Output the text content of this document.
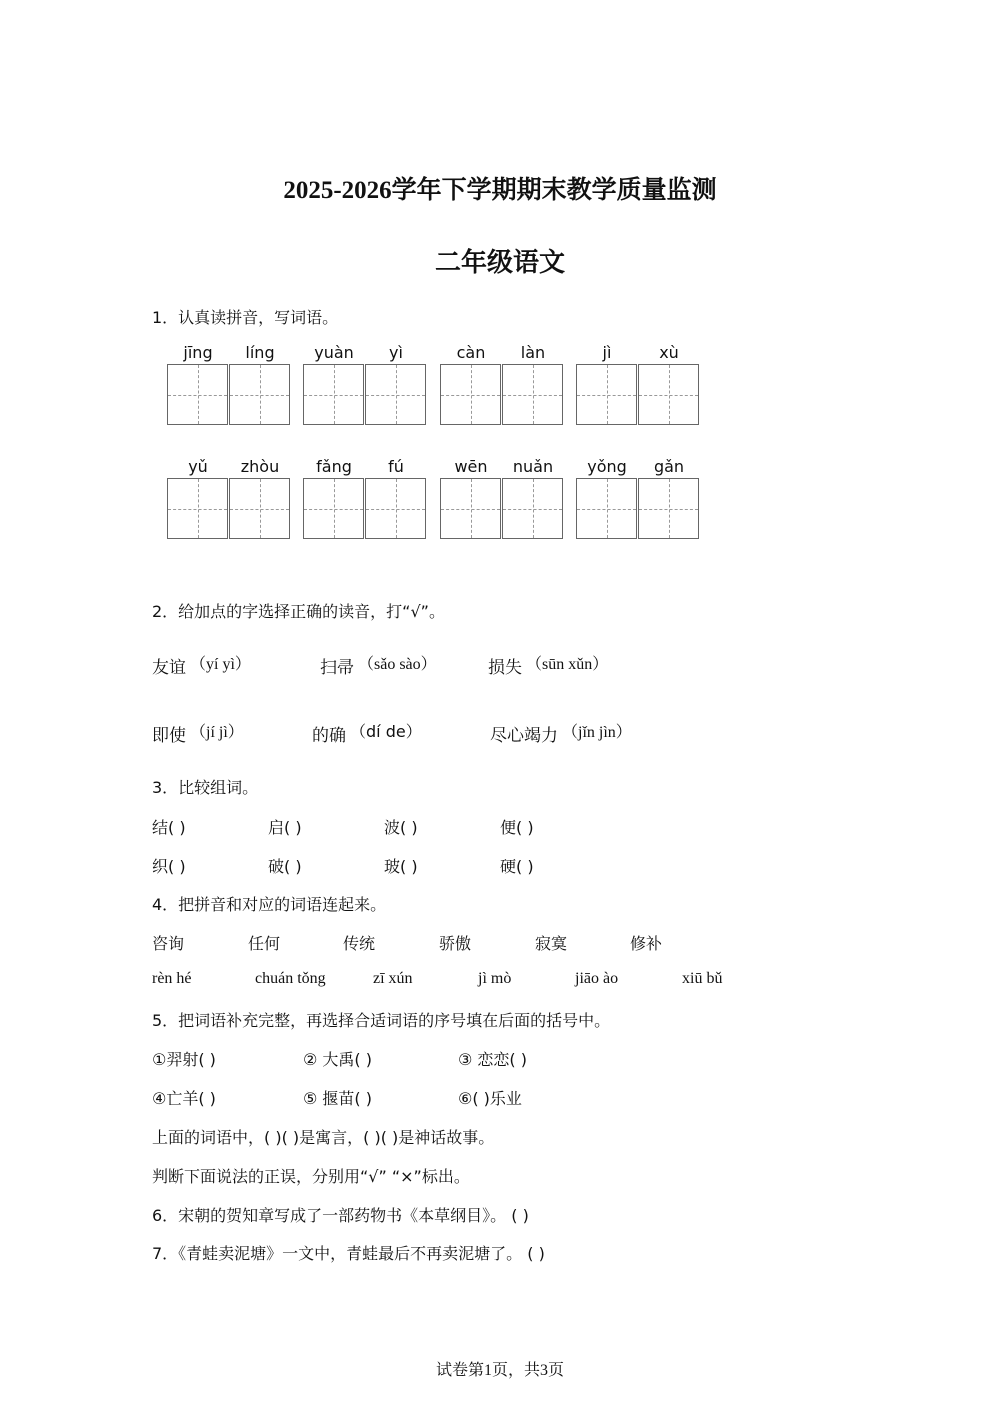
2025-2026学年下学期期末教学质量监测
二年级语文
1．认真读拼音，写词语。
jīng	líng	yuàn	yì	càn	làn	jì	xù
yǔ	zhòu	fǎng	fú	wēn	nuǎn	yǒng	gǎn
2．给加点的字选择正确的读音，打“√”。
友谊 （yí yì）	扫帚 （sǎo sào）	损失 （sūn xǔn）
即使 （jí jì）	的确 （dí de）	尽心竭力 （jǐn jìn）
3．比较组词。
结( )	启( )	波( )	便( )
织( )	破( )	玻( )	硬( )
4．把拼音和对应的词语连起来。
咨询	任何	传统	骄傲	寂寞	修补
rèn hé	chuán tǒng	zī xún	jì mò	jiāo ào	xiū bǔ
5．把词语补充完整，再选择合适词语的序号填在后面的括号中。
①羿射( )	② 大禹( )	③ 恋恋( )
④亡羊( )	⑤ 揠苗( )	⑥( )乐业
上面的词语中，( )( )是寓言，( )( )是神话故事。
判断下面说法的正误，分别用“√” “×”标出。
6．宋朝的贺知章写成了一部药物书《本草纲目》。 ( )
7．《青蛙卖泥塘》一文中，青蛙最后不再卖泥塘了。 ( )
试卷第1页，共3页
